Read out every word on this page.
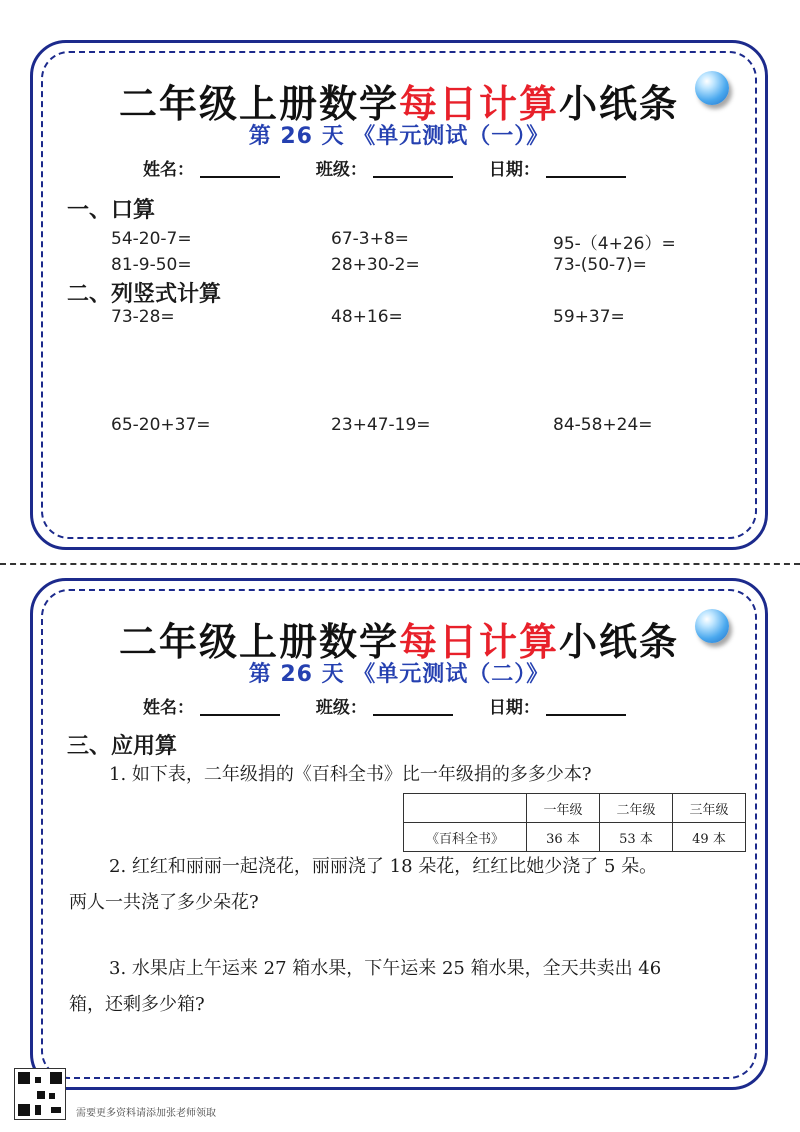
二年级上册数学每日计算小纸条
第 26 天 《单元测试（一）》
姓名：	班级：	日期：
一、口算
54-20-7=	67-3+8=	95-（4+26）=
81-9-50=	28+30-2=	73-(50-7)=
二、列竖式计算
73-28=	48+16=	59+37=
65-20+37=	23+47-19=	84-58+24=
二年级上册数学每日计算小纸条
第 26 天 《单元测试（二）》
姓名：	班级：	日期：
三、应用算
1. 如下表，二年级捐的《百科全书》比一年级捐的多多少本?
	一年级	二年级	三年级
《百科全书》	36 本	53 本	49 本
2. 红红和丽丽一起浇花，丽丽浇了 18 朵花，红红比她少浇了 5 朵。
两人一共浇了多少朵花?
3. 水果店上午运来 27 箱水果，下午运来 25 箱水果，全天共卖出 46
箱，还剩多少箱?
需要更多资料请添加张老师领取
